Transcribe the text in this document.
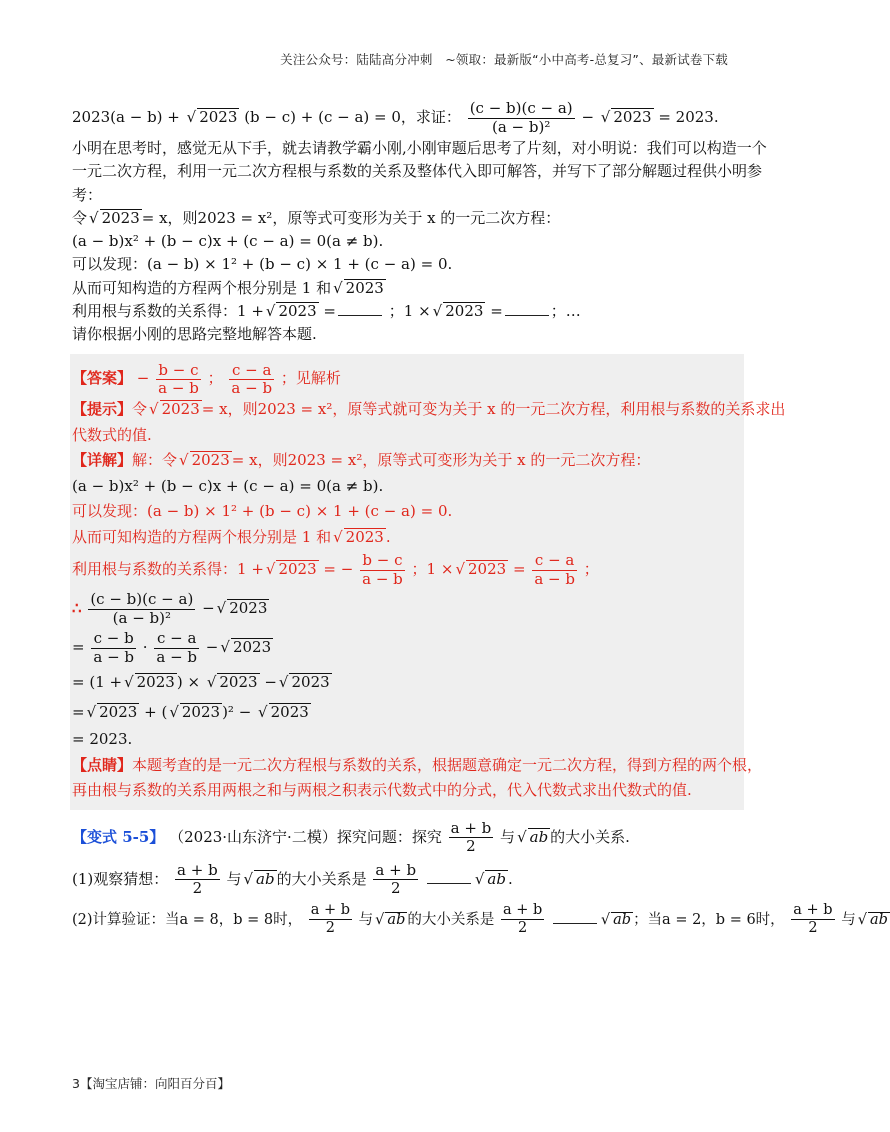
关注公众号：陆陆高分冲刺　~领取：最新版“小中高考-总复习”、最新试卷下载
2023(a − b) + √ 2023 (b − c) + (c − a) = 0，求证： $\frac{(c - b)(c - a)}{\text{(a − b)²}}$ − √ 2023 = 2023.
小明在思考时，感觉无从下手，就去请教学霸小刚,小刚审题后思考了片刻，对小明说：我们可以构造一个
一元二次方程，利用一元二次方程根与系数的关系及整体代入即可解答，并写下了部分解题过程供小明参
考：
令 √ 2023 = x，则2023 = x²，原等式可变形为关于 x 的一元二次方程：
(a − b)x² + (b − c)x + (c − a) = 0(a ≠ b).
可以发现：(a − b) × 1² + (b − c) × 1 + (c − a) = 0.
从而可知构造的方程两个根分别是 1 和 √ 2023
利用根与系数的关系得：1 + √ 2023 =	；1 × √ 2023 =	；…
请你根据小刚的思路完整地解答本题.
【答案】 − $\frac{b - c}{a - b}$ ； $\frac{c - a}{a - b}$ ；见解析
【提示】令 √ 2023 = x，则2023 = x²，原等式就可变为关于 x 的一元二次方程，利用根与系数的关系求出
代数式的值.
【详解】解：令 √ 2023 = x，则2023 = x²，原等式可变形为关于 x 的一元二次方程：
(a − b)x² + (b − c)x + (c − a) = 0(a ≠ b).
可以发现：(a − b) × 1² + (b − c) × 1 + (c − a) = 0.
从而可知构造的方程两个根分别是 1 和 √ 2023 .
利用根与系数的关系得：1 + √ 2023 = − $\frac{b - c}{a - b}$ ；1 × √ $2023 = \frac{c - a}{a - b}$ ；
∴ $\frac{(c - b)(c - a)}{\text{(a − b)²}}$ − √ 2023
= $\frac{c - b}{a - b} \cdot \frac{c - a}{a - b}$ − √ 2023
= (1 + √ 2023 ) × √ 2023 − √ 2023
= √ 2023 + ( √ 2023 )² − √ 2023
= 2023.
【点睛】本题考查的是一元二次方程根与系数的关系，根据题意确定一元二次方程，得到方程的两个根，
再由根与系数的关系用两根之和与两根之积表示代数式中的分式，代入代数式求出代数式的值.
【变式 5-5】 （2023·山东济宁·二模）探究问题：探究 $\frac{a + b}{2}$ 与 √ ab 的大小关系.
(1)观察猜想： $\frac{a + b}{2}$ 与 √ ab 的大小关系是 $\frac{a + b}{2}$	√ ab .
(2)计算验证：当a = 8，b = 8时， $\frac{a + b}{2}$ 与 √ ab 的大小关系是 $\frac{a + b}{2}$	√ ab ；当a = 2，b = 6时， $\frac{a + b}{2}$ 与 √ ab
3【淘宝店铺：向阳百分百】
